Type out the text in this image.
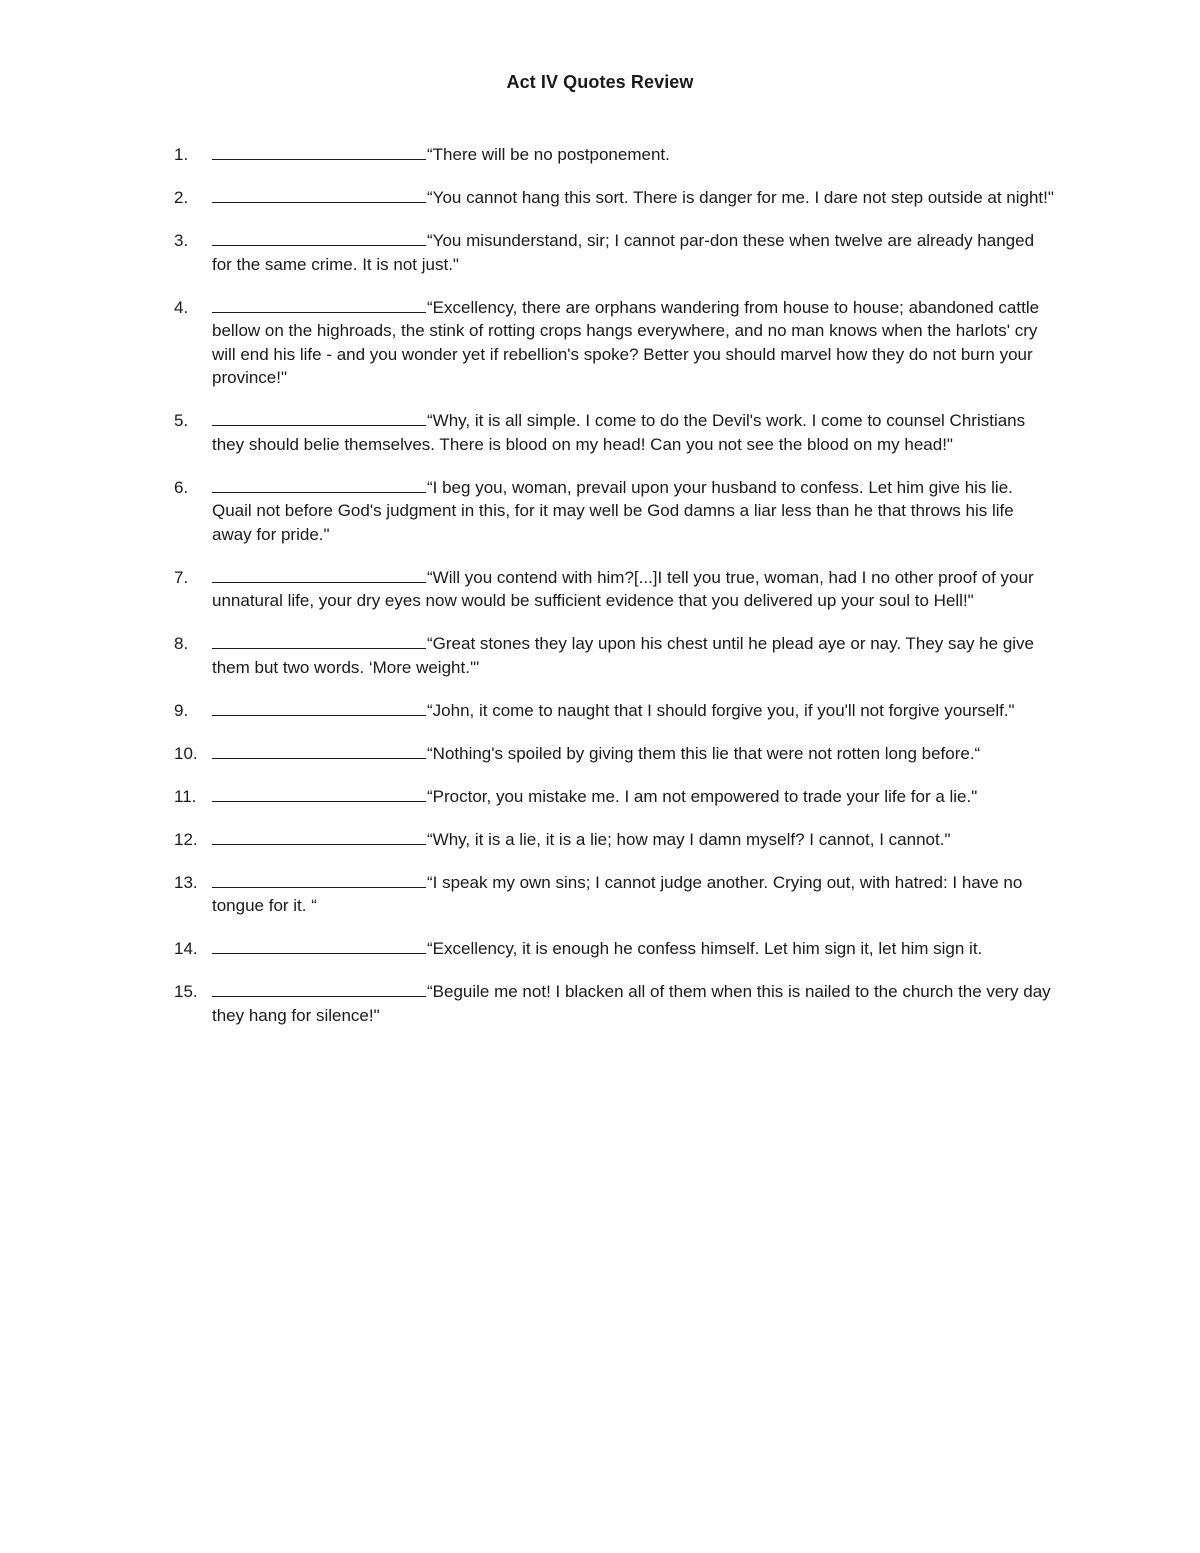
Act IV Quotes Review
1.	“There will be no postponement.
2.	“You cannot hang this sort. There is danger for me. I dare not step outside at night!"
3.	“You misunderstand, sir; I cannot par-don these when twelve are already hanged for the same crime. It is not just."
4.	“Excellency, there are orphans wandering from house to house; abandoned cattle bellow on the highroads, the stink of rotting crops hangs everywhere, and no man knows when the harlots' cry will end his life - and you wonder yet if rebellion's spoke? Better you should marvel how they do not burn your province!"
5.	“Why, it is all simple. I come to do the Devil's work. I come to counsel Christians they should belie themselves. There is blood on my head! Can you not see the blood on my head!"
6.	“I beg you, woman, prevail upon your husband to confess. Let him give his lie. Quail not before God's judgment in this, for it may well be God damns a liar less than he that throws his life away for pride."
7.	“Will you contend with him?[...]I tell you true, woman, had I no other proof of your unnatural life, your dry eyes now would be sufficient evidence that you delivered up your soul to Hell!"
8.	“Great stones they lay upon his chest until he plead aye or nay. They say he give them but two words. ‘More weight.'"
9.	“John, it come to naught that I should forgive you, if you'll not forgive yourself."
10.	“Nothing's spoiled by giving them this lie that were not rotten long before.“
11.	“Proctor, you mistake me. I am not empowered to trade your life for a lie."
12.	“Why, it is a lie, it is a lie; how may I damn myself? I cannot, I cannot."
13.	“I speak my own sins; I cannot judge another. Crying out, with hatred: I have no tongue for it. “
14.	“Excellency, it is enough he confess himself. Let him sign it, let him sign it.
15.	“Beguile me not! I blacken all of them when this is nailed to the church the very day they hang for silence!"
